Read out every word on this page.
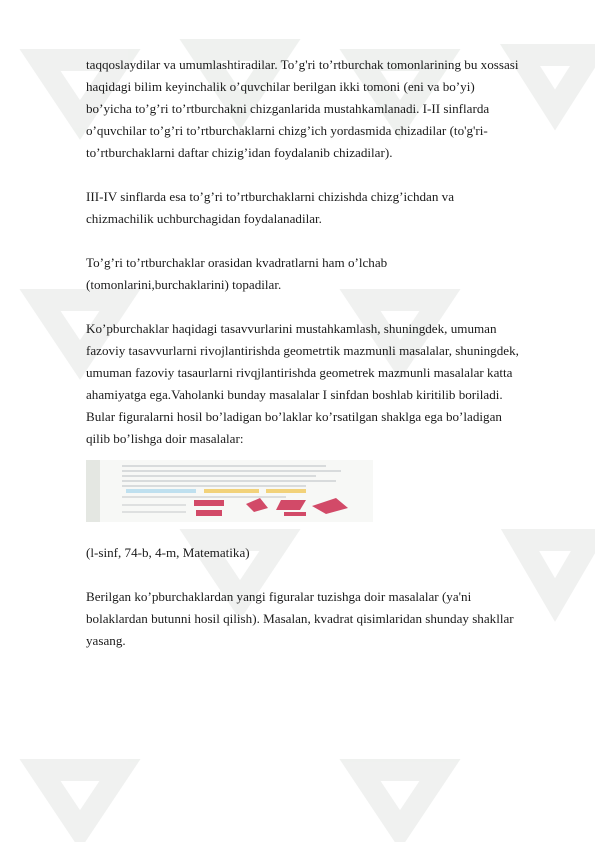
taqqoslaydilar va umumlashtiradilar. To’g'ri to’rtburchak tomonlarining bu xossasi

haqidagi bilim keyinchalik o’quvchilar berilgan ikki tomoni (eni va bo’yi)

bo’yicha to’g’ri to’rtburchakni chizganlarida mustahkamlanadi. I-II sinflarda

o’quvchilar to’g’ri to’rtburchaklarni chizg’ich yordasmida chizadilar (to'g'ri-

to’rtburchaklarni daftar chizig’idan foydalanib chizadilar).

III-IV sinflarda esa to’g’ri to’rtburchaklarni chizishda chizg’ichdan va

chizmachilik uchburchagidan foydalanadilar.

To’g’ri to’rtburchaklar orasidan kvadratlarni ham o’lchab

(tomonlarini,burchaklarini) topadilar.

Ko’pburchaklar haqidagi tasavvurlarini mustahkamlash, shuningdek, umuman

fazoviy tasavvurlarni rivojlantirishda geometrtik mazmunli masalalar, shuningdek,

umuman fazoviy tasaurlarni rivqjlantirishda geometrek mazmunli masalalar katta

ahamiyatga ega.Vaholanki bunday masalalar I sinfdan boshlab kiritilib boriladi.

Bular figuralarni hosil bo’ladigan bo’laklar ko’rsatilgan shaklga ega bo’ladigan

qilib bo’lishga doir masalalar:

(l-sinf, 74-b, 4-m, Matematika)

Berilgan ko’pburchaklardan yangi figuralar tuzishga doir masalalar (ya'ni

bolaklardan butunni hosil qilish). Masalan, kvadrat qisimlaridan shunday shakllar

yasang.
